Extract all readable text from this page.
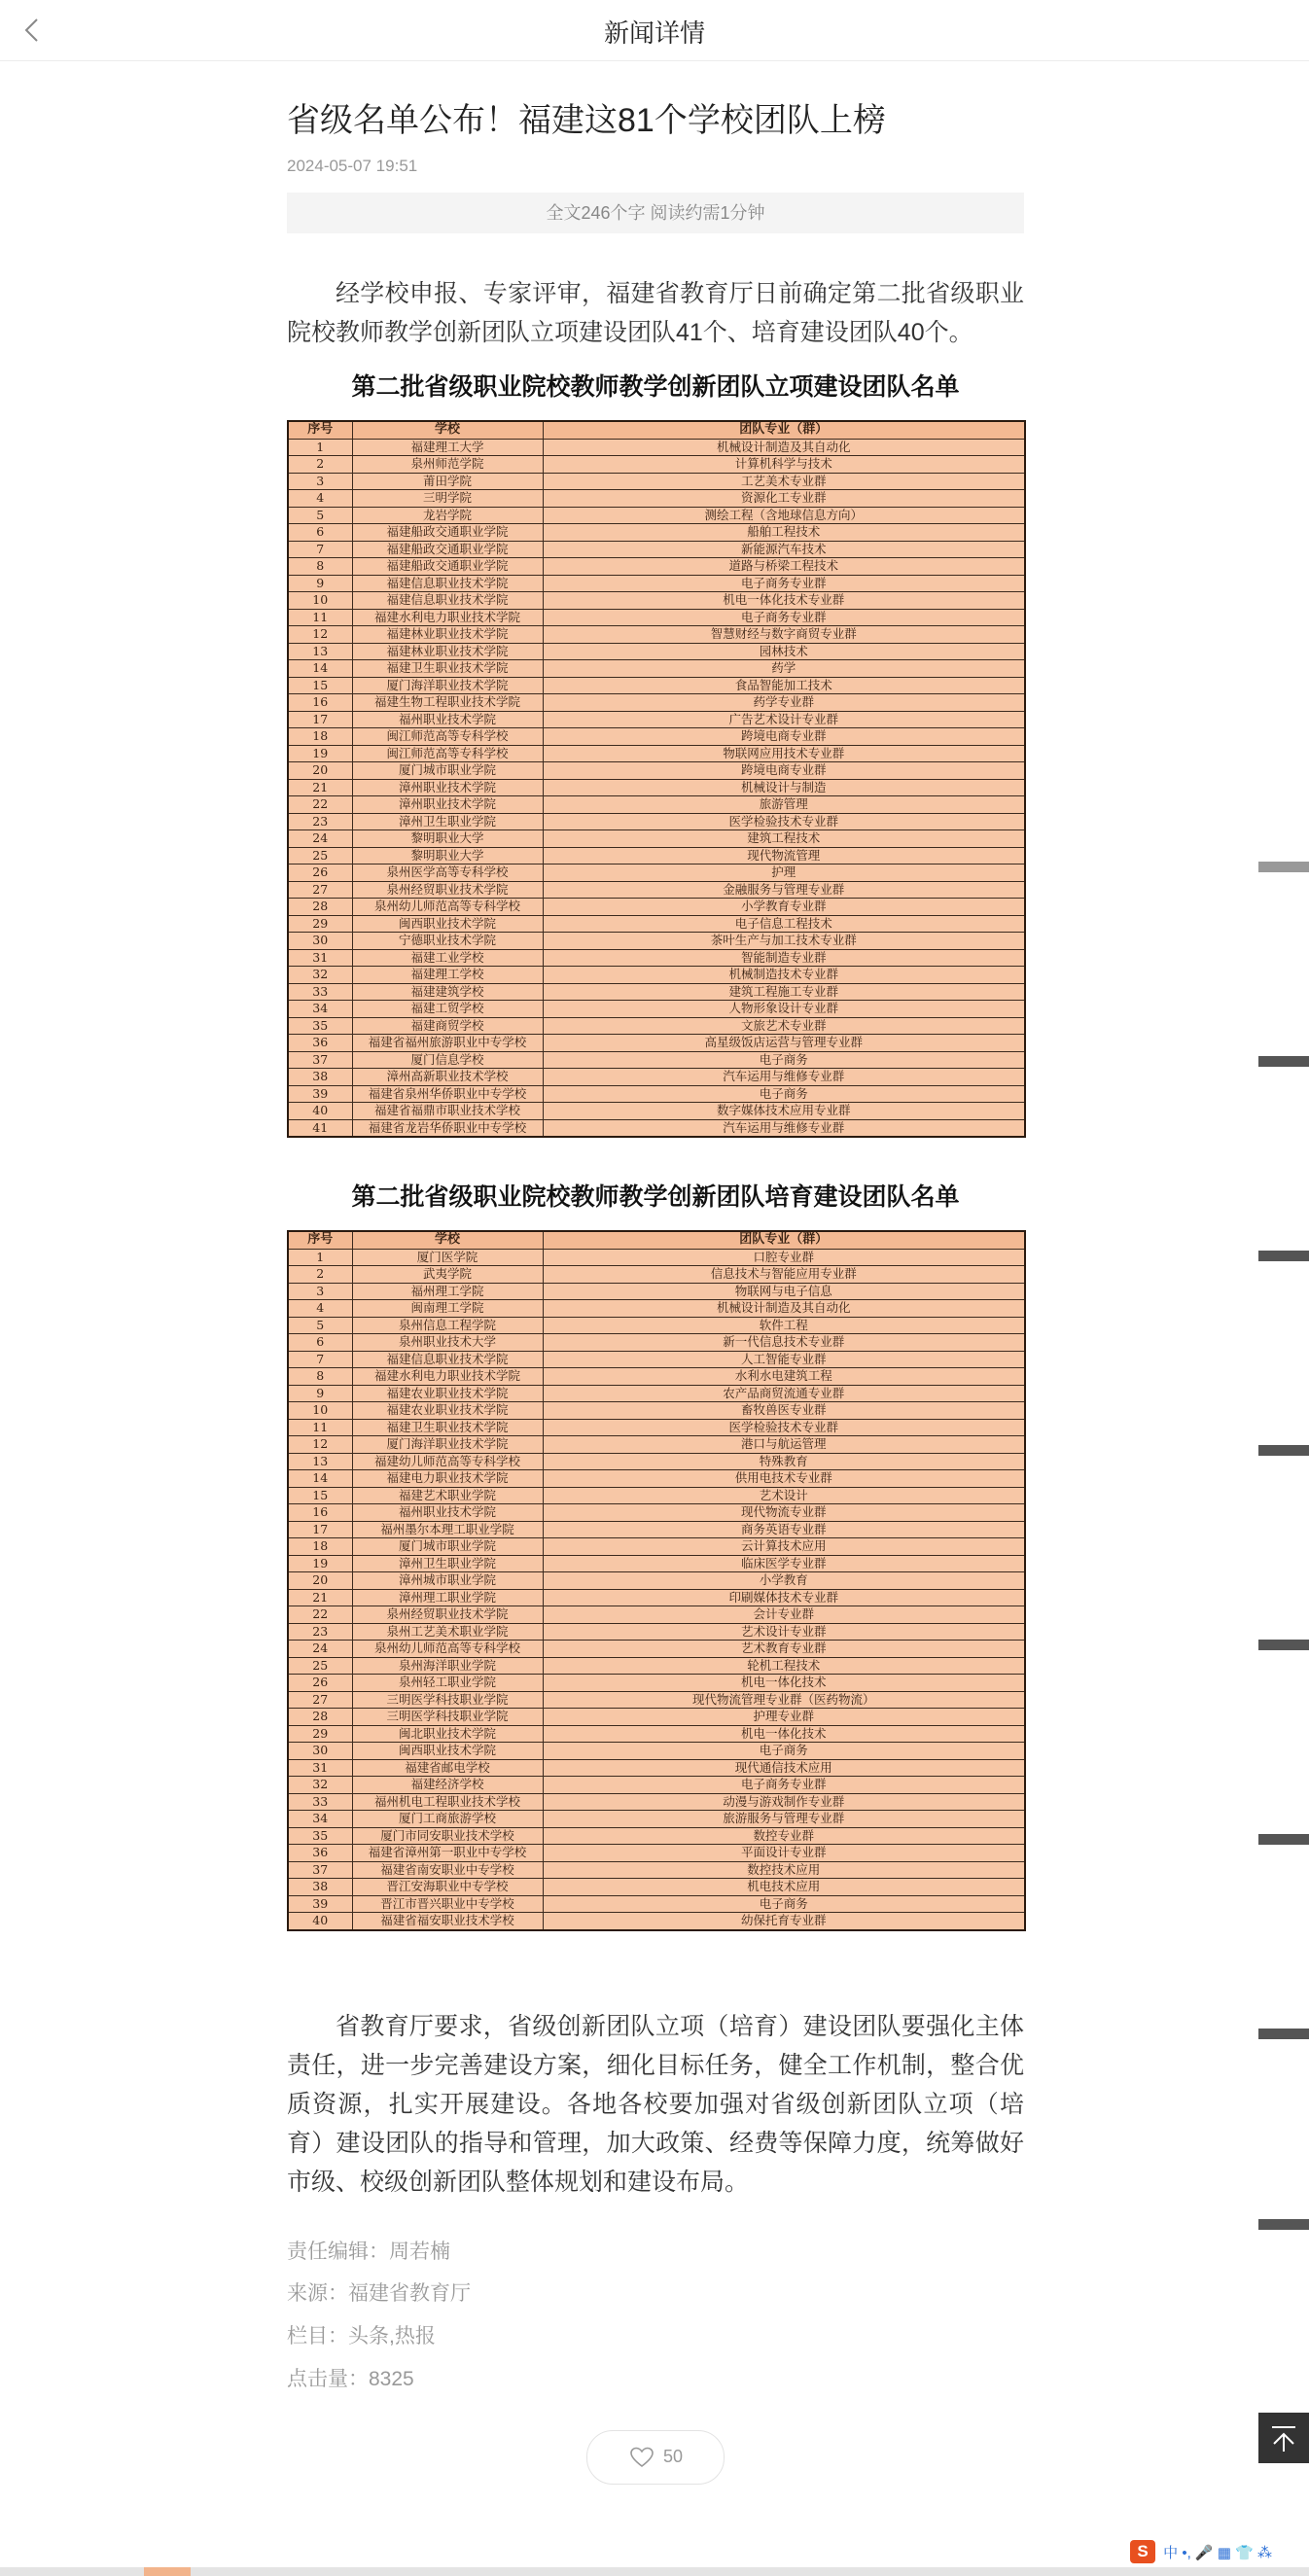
新闻详情
省级名单公布！福建这81个学校团队上榜
2024-05-07 19:51
全文246个字 阅读约需1分钟
经学校申报、专家评审，福建省教育厅日前确定第二批省级职业院校教师教学创新团队立项建设团队41个、培育建设团队40个。
第二批省级职业院校教师教学创新团队立项建设团队名单
序号	学校	团队专业（群）
1	福建理工大学	机械设计制造及其自动化
2	泉州师范学院	计算机科学与技术
3	莆田学院	工艺美术专业群
4	三明学院	资源化工专业群
5	龙岩学院	测绘工程（含地球信息方向）
6	福建船政交通职业学院	船舶工程技术
7	福建船政交通职业学院	新能源汽车技术
8	福建船政交通职业学院	道路与桥梁工程技术
9	福建信息职业技术学院	电子商务专业群
10	福建信息职业技术学院	机电一体化技术专业群
11	福建水利电力职业技术学院	电子商务专业群
12	福建林业职业技术学院	智慧财经与数字商贸专业群
13	福建林业职业技术学院	园林技术
14	福建卫生职业技术学院	药学
15	厦门海洋职业技术学院	食品智能加工技术
16	福建生物工程职业技术学院	药学专业群
17	福州职业技术学院	广告艺术设计专业群
18	闽江师范高等专科学校	跨境电商专业群
19	闽江师范高等专科学校	物联网应用技术专业群
20	厦门城市职业学院	跨境电商专业群
21	漳州职业技术学院	机械设计与制造
22	漳州职业技术学院	旅游管理
23	漳州卫生职业学院	医学检验技术专业群
24	黎明职业大学	建筑工程技术
25	黎明职业大学	现代物流管理
26	泉州医学高等专科学校	护理
27	泉州经贸职业技术学院	金融服务与管理专业群
28	泉州幼儿师范高等专科学校	小学教育专业群
29	闽西职业技术学院	电子信息工程技术
30	宁德职业技术学院	茶叶生产与加工技术专业群
31	福建工业学校	智能制造专业群
32	福建理工学校	机械制造技术专业群
33	福建建筑学校	建筑工程施工专业群
34	福建工贸学校	人物形象设计专业群
35	福建商贸学校	文旅艺术专业群
36	福建省福州旅游职业中专学校	高星级饭店运营与管理专业群
37	厦门信息学校	电子商务
38	漳州高新职业技术学校	汽车运用与维修专业群
39	福建省泉州华侨职业中专学校	电子商务
40	福建省福鼎市职业技术学校	数字媒体技术应用专业群
41	福建省龙岩华侨职业中专学校	汽车运用与维修专业群
第二批省级职业院校教师教学创新团队培育建设团队名单
序号	学校	团队专业（群）
1	厦门医学院	口腔专业群
2	武夷学院	信息技术与智能应用专业群
3	福州理工学院	物联网与电子信息
4	闽南理工学院	机械设计制造及其自动化
5	泉州信息工程学院	软件工程
6	泉州职业技术大学	新一代信息技术专业群
7	福建信息职业技术学院	人工智能专业群
8	福建水利电力职业技术学院	水利水电建筑工程
9	福建农业职业技术学院	农产品商贸流通专业群
10	福建农业职业技术学院	畜牧兽医专业群
11	福建卫生职业技术学院	医学检验技术专业群
12	厦门海洋职业技术学院	港口与航运管理
13	福建幼儿师范高等专科学校	特殊教育
14	福建电力职业技术学院	供用电技术专业群
15	福建艺术职业学院	艺术设计
16	福州职业技术学院	现代物流专业群
17	福州墨尔本理工职业学院	商务英语专业群
18	厦门城市职业学院	云计算技术应用
19	漳州卫生职业学院	临床医学专业群
20	漳州城市职业学院	小学教育
21	漳州理工职业学院	印刷媒体技术专业群
22	泉州经贸职业技术学院	会计专业群
23	泉州工艺美术职业学院	艺术设计专业群
24	泉州幼儿师范高等专科学校	艺术教育专业群
25	泉州海洋职业学院	轮机工程技术
26	泉州轻工职业学院	机电一体化技术
27	三明医学科技职业学院	现代物流管理专业群（医药物流）
28	三明医学科技职业学院	护理专业群
29	闽北职业技术学院	机电一体化技术
30	闽西职业技术学院	电子商务
31	福建省邮电学校	现代通信技术应用
32	福建经济学校	电子商务专业群
33	福州机电工程职业技术学校	动漫与游戏制作专业群
34	厦门工商旅游学校	旅游服务与管理专业群
35	厦门市同安职业技术学校	数控专业群
36	福建省漳州第一职业中专学校	平面设计专业群
37	福建省南安职业中专学校	数控技术应用
38	晋江安海职业中专学校	机电技术应用
39	晋江市晋兴职业中专学校	电子商务
40	福建省福安职业技术学校	幼保托育专业群
省教育厅要求，省级创新团队立项（培育）建设团队要强化主体责任，进一步完善建设方案，细化目标任务，健全工作机制，整合优质资源，扎实开展建设。各地各校要加强对省级创新团队立项（培育）建设团队的指导和管理，加大政策、经费等保障力度，统筹做好市级、校级创新团队整体规划和建设布局。
责任编辑：周若楠
来源：福建省教育厅
栏目：头条,热报
点击量：8325
50
S 中 •, 🎤 ▦ 👕 ⁂
